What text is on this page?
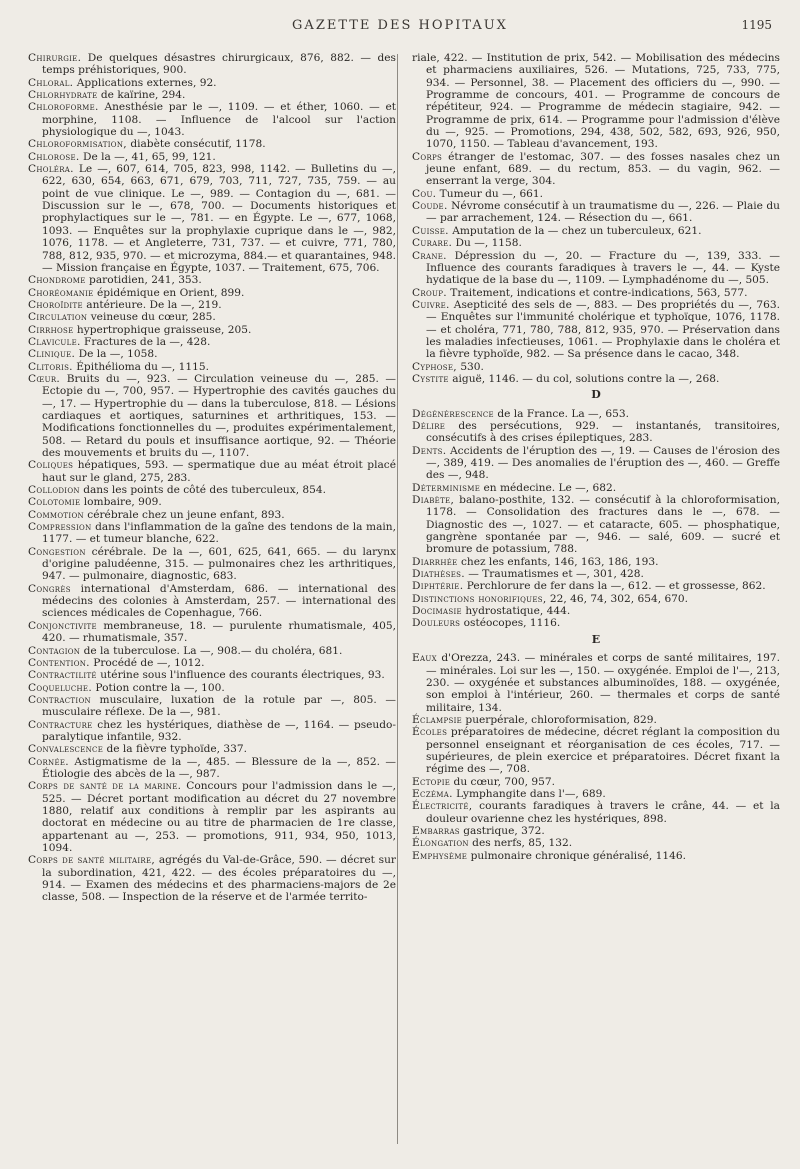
GAZETTE DES HOPITAUX	1195

Chirurgie. De quelques désastres chirurgicaux, 876, 882. — des temps préhistoriques, 900.

Chloral. Applications externes, 92.

Chlorhydrate de kaïrine, 294.

Chloroforme. Anesthésie par le —, 1109. — et éther, 1060. — et morphine, 1108. — Influence de l'alcool sur l'action physiologique du —, 1043.

Chloroformisation, diabète consécutif, 1178.

Chlorose. De la —, 41, 65, 99, 121.

Choléra. Le —, 607, 614, 705, 823, 998, 1142. — Bulletins du —, 622, 630, 654, 663, 671, 679, 703, 711, 727, 735, 759. — au point de vue clinique. Le —, 989. — Contagion du —, 681. — Discussion sur le —, 678, 700. — Documents historiques et prophylactiques sur le —, 781. — en Égypte. Le —, 677, 1068, 1093. — Enquêtes sur la prophylaxie cuprique dans le —, 982, 1076, 1178. — et Angleterre, 731, 737. — et cuivre, 771, 780, 788, 812, 935, 970. — et microzyma, 884.— et quarantaines, 948. — Mission française en Égypte, 1037. — Traitement, 675, 706.

Chondrome parotidien, 241, 353.

Choréomanie épidémique en Orient, 899.

Choroïdite antérieure. De la —, 219.

Circulation veineuse du cœur, 285.

Cirrhose hypertrophique graisseuse, 205.

Clavicule. Fractures de la —, 428.

Clinique. De la —, 1058.

Clitoris. Épithélioma du —, 1115.

Cœur. Bruits du —, 923. — Circulation veineuse du —, 285. — Ectopie du —, 700, 957. — Hypertrophie des cavités gauches du —, 17. — Hypertrophie du — dans la tuberculose, 818. — Lésions cardiaques et aortiques, saturnines et arthritiques, 153. — Modifications fonctionnelles du —, produites expérimentalement, 508. — Retard du pouls et insuffisance aortique, 92. — Théorie des mouvements et bruits du —, 1107.

Coliques hépatiques, 593. — spermatique due au méat étroit placé haut sur le gland, 275, 283.

Collodion dans les points de côté des tuberculeux, 854.

Colotomie lombaire, 909.

Commotion cérébrale chez un jeune enfant, 893.

Compression dans l'inflammation de la gaîne des tendons de la main, 1177. — et tumeur blanche, 622.

Congestion cérébrale. De la —, 601, 625, 641, 665. — du larynx d'origine paludéenne, 315. — pulmonaires chez les arthritiques, 947. — pulmonaire, diagnostic, 683.

Congrès international d'Amsterdam, 686. — international des médecins des colonies à Amsterdam, 257. — international des sciences médicales de Copenhague, 766.

Conjonctivite membraneuse, 18. — purulente rhumatismale, 405, 420. — rhumatismale, 357.

Contagion de la tuberculose. La —, 908.— du choléra, 681.

Contention. Procédé de —, 1012.

Contractilité utérine sous l'influence des courants électriques, 93.

Coqueluche. Potion contre la —, 100.

Contraction musculaire, luxation de la rotule par —, 805. — musculaire réflexe. De la —, 981.

Contracture chez les hystériques, diathèse de —, 1164. — pseudo-paralytique infantile, 932.

Convalescence de la fièvre typhoïde, 337.

Cornée. Astigmatisme de la —, 485. — Blessure de la —, 852. — Étiologie des abcès de la —, 987.

Corps de santé de la marine. Concours pour l'admission dans le —, 525. — Décret portant modification au décret du 27 novembre 1880, relatif aux conditions à remplir par les aspirants au doctorat en médecine ou au titre de pharmacien de 1re classe, appartenant au —, 253. — promotions, 911, 934, 950, 1013, 1094.

Corps de santé militaire, agrégés du Val-de-Grâce, 590. — décret sur la subordination, 421, 422. — des écoles préparatoires du —, 914. — Examen des médecins et des pharmaciens-majors de 2e classe, 508. — Inspection de la réserve et de l'armée territo-

riale, 422. — Institution de prix, 542. — Mobilisation des médecins et pharmaciens auxiliaires, 526. — Mutations, 725, 733, 775, 934. — Personnel, 38. — Placement des officiers du —, 990. — Programme de concours, 401. — Programme de concours de répétiteur, 924. — Programme de médecin stagiaire, 942. — Programme de prix, 614. — Programme pour l'admission d'élève du —, 925. — Promotions, 294, 438, 502, 582, 693, 926, 950, 1070, 1150. — Tableau d'avancement, 193.

Corps étranger de l'estomac, 307. — des fosses nasales chez un jeune enfant, 689. — du rectum, 853. — du vagin, 962. — enserrant la verge, 304.

Cou. Tumeur du —, 661.

Coude. Névrome consécutif à un traumatisme du —, 226. — Plaie du — par arrachement, 124. — Résection du —, 661.

Cuisse. Amputation de la — chez un tuberculeux, 621.

Curare. Du —, 1158.

Crane. Dépression du —, 20. — Fracture du —, 139, 333. — Influence des courants faradiques à travers le —, 44. — Kyste hydatique de la base du —, 1109. — Lymphadénome du —, 505.

Croup. Traitement, indications et contre-indications, 563, 577.

Cuivre. Asepticité des sels de —, 883. — Des propriétés du —, 763. — Enquêtes sur l'immunité cholérique et typhoïque, 1076, 1178. — et choléra, 771, 780, 788, 812, 935, 970. — Préservation dans les maladies infectieuses, 1061. — Prophylaxie dans le choléra et la fièvre typhoïde, 982. — Sa présence dans le cacao, 348.

Cyphose, 530.

Cystite aiguë, 1146. — du col, solutions contre la —, 268.

D

Dégénérescence de la France. La —, 653.

Délire des persécutions, 929. — instantanés, transitoires, consécutifs à des crises épileptiques, 283.

Dents. Accidents de l'éruption des —, 19. — Causes de l'érosion des —, 389, 419. — Des anomalies de l'éruption des —, 460. — Greffe des —, 948.

Déterminisme en médecine. Le —, 682.

Diabète, balano-posthite, 132. — consécutif à la chloroformisation, 1178. — Consolidation des fractures dans le —, 678. — Diagnostic des —, 1027. — et cataracte, 605. — phosphatique, gangrène spontanée par —, 946. — salé, 609. — sucré et bromure de potassium, 788.

Diarrhée chez les enfants, 146, 163, 186, 193.

Diathèses. — Traumatismes et —, 301, 428.

Diphtérie. Perchlorure de fer dans la —, 612. — et grossesse, 862.

Distinctions honorifiques, 22, 46, 74, 302, 654, 670.

Docimasie hydrostatique, 444.

Douleurs ostéocopes, 1116.

E

Eaux d'Orezza, 243. — minérales et corps de santé militaires, 197. — minérales. Loi sur les —, 150. — oxygénée. Emploi de l'—, 213, 230. — oxygénée et substances albuminoïdes, 188. — oxygénée, son emploi à l'intérieur, 260. — thermales et corps de santé militaire, 134.

Éclampsie puerpérale, chloroformisation, 829.

Écoles préparatoires de médecine, décret réglant la composition du personnel enseignant et réorganisation de ces écoles, 717. — supérieures, de plein exercice et préparatoires. Décret fixant la régime des —, 708.

Ectopie du cœur, 700, 957.

Eczéma. Lymphangite dans l'—, 689.

Électricité, courants faradiques à travers le crâne, 44. — et la douleur ovarienne chez les hystériques, 898.

Embarras gastrique, 372.

Élongation des nerfs, 85, 132.

Emphysème pulmonaire chronique généralisé, 1146.
